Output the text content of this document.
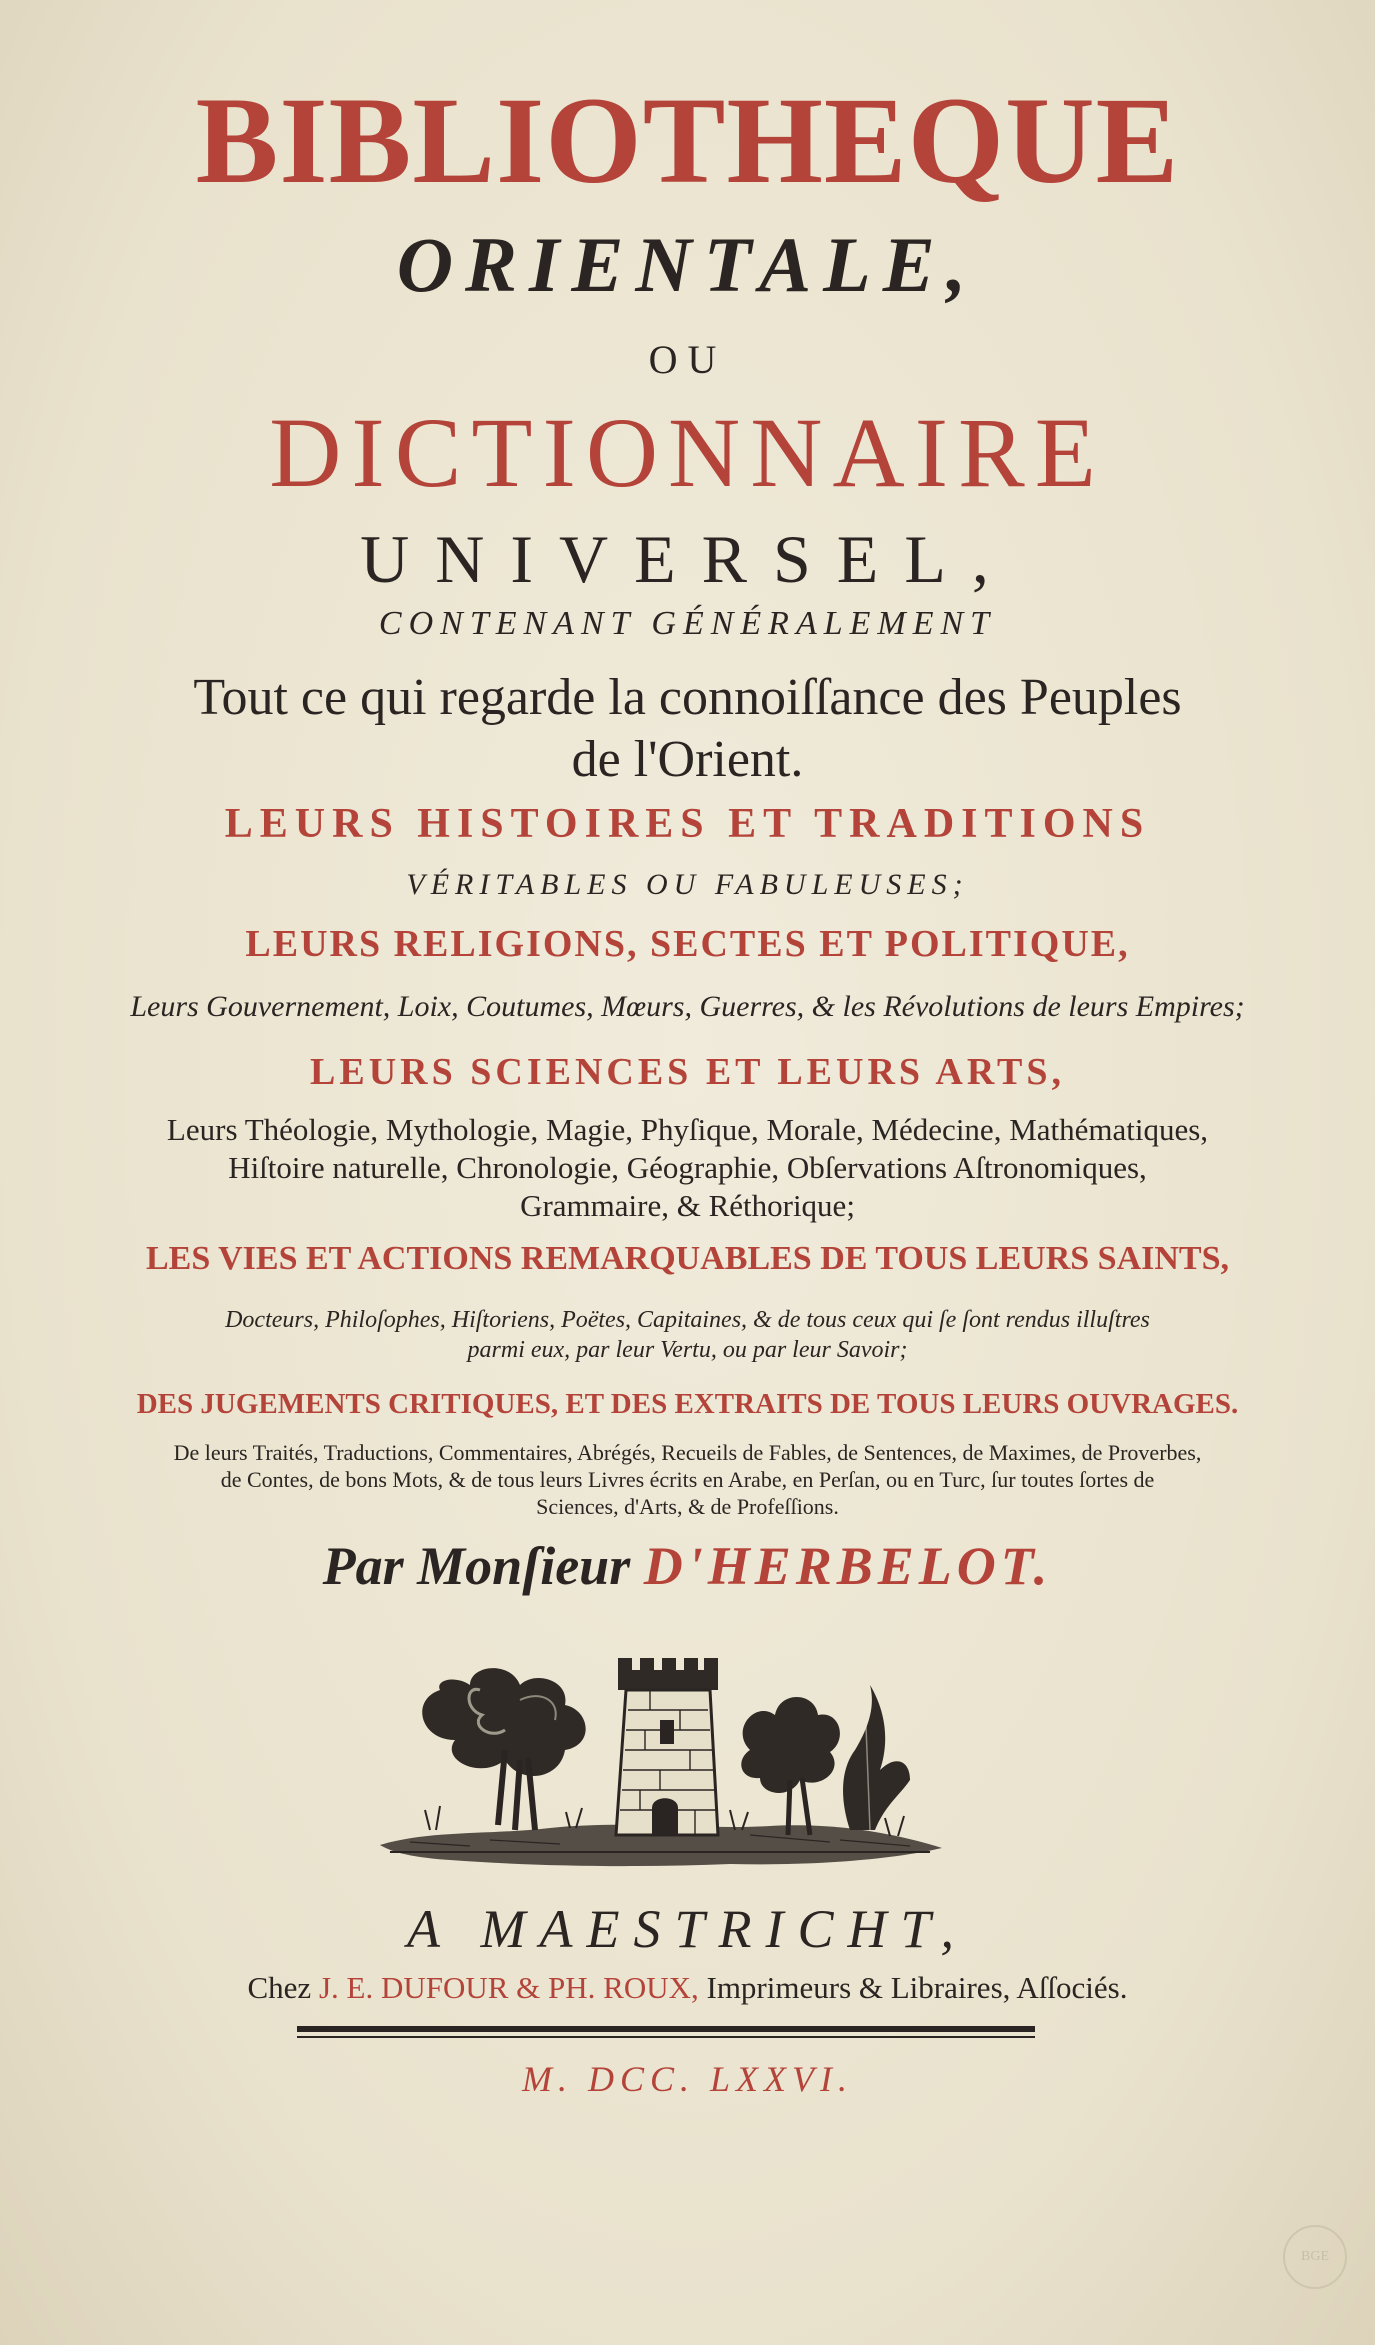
BIBLIOTHEQUE
ORIENTALE,
OU
DICTIONNAIRE
UNIVERSEL,
CONTENANT GÉNÉRALEMENT
Tout ce qui regarde la connoiſſance des Peuples
de l'Orient.
LEURS HISTOIRES ET TRADITIONS
VÉRITABLES OU FABULEUSES;
LEURS RELIGIONS, SECTES ET POLITIQUE,
Leurs Gouvernement, Loix, Coutumes, Mœurs, Guerres, & les Révolutions de leurs Empires;
LEURS SCIENCES ET LEURS ARTS,
Leurs Théologie, Mythologie, Magie, Phyſique, Morale, Médecine, Mathématiques,
Hiſtoire naturelle, Chronologie, Géographie, Obſervations Aſtronomiques,
Grammaire, & Réthorique;
LES VIES ET ACTIONS REMARQUABLES DE TOUS LEURS SAINTS,
Docteurs, Philoſophes, Hiſtoriens, Poëtes, Capitaines, & de tous ceux qui ſe ſont rendus illuſtres
parmi eux, par leur Vertu, ou par leur Savoir;
DES JUGEMENTS CRITIQUES, ET DES EXTRAITS DE TOUS LEURS OUVRAGES.
De leurs Traités, Traductions, Commentaires, Abrégés, Recueils de Fables, de Sentences, de Maximes, de Proverbes,
de Contes, de bons Mots, & de tous leurs Livres écrits en Arabe, en Perſan, ou en Turc, ſur toutes ſortes de
Sciences, d'Arts, & de Profeſſions.
Par Monſieur D'HERBELOT.
A MAESTRICHT,
Chez J. E. DUFOUR & PH. ROUX, Imprimeurs & Libraires, Aſſociés.
M. DCC. LXXVI.
BGE
